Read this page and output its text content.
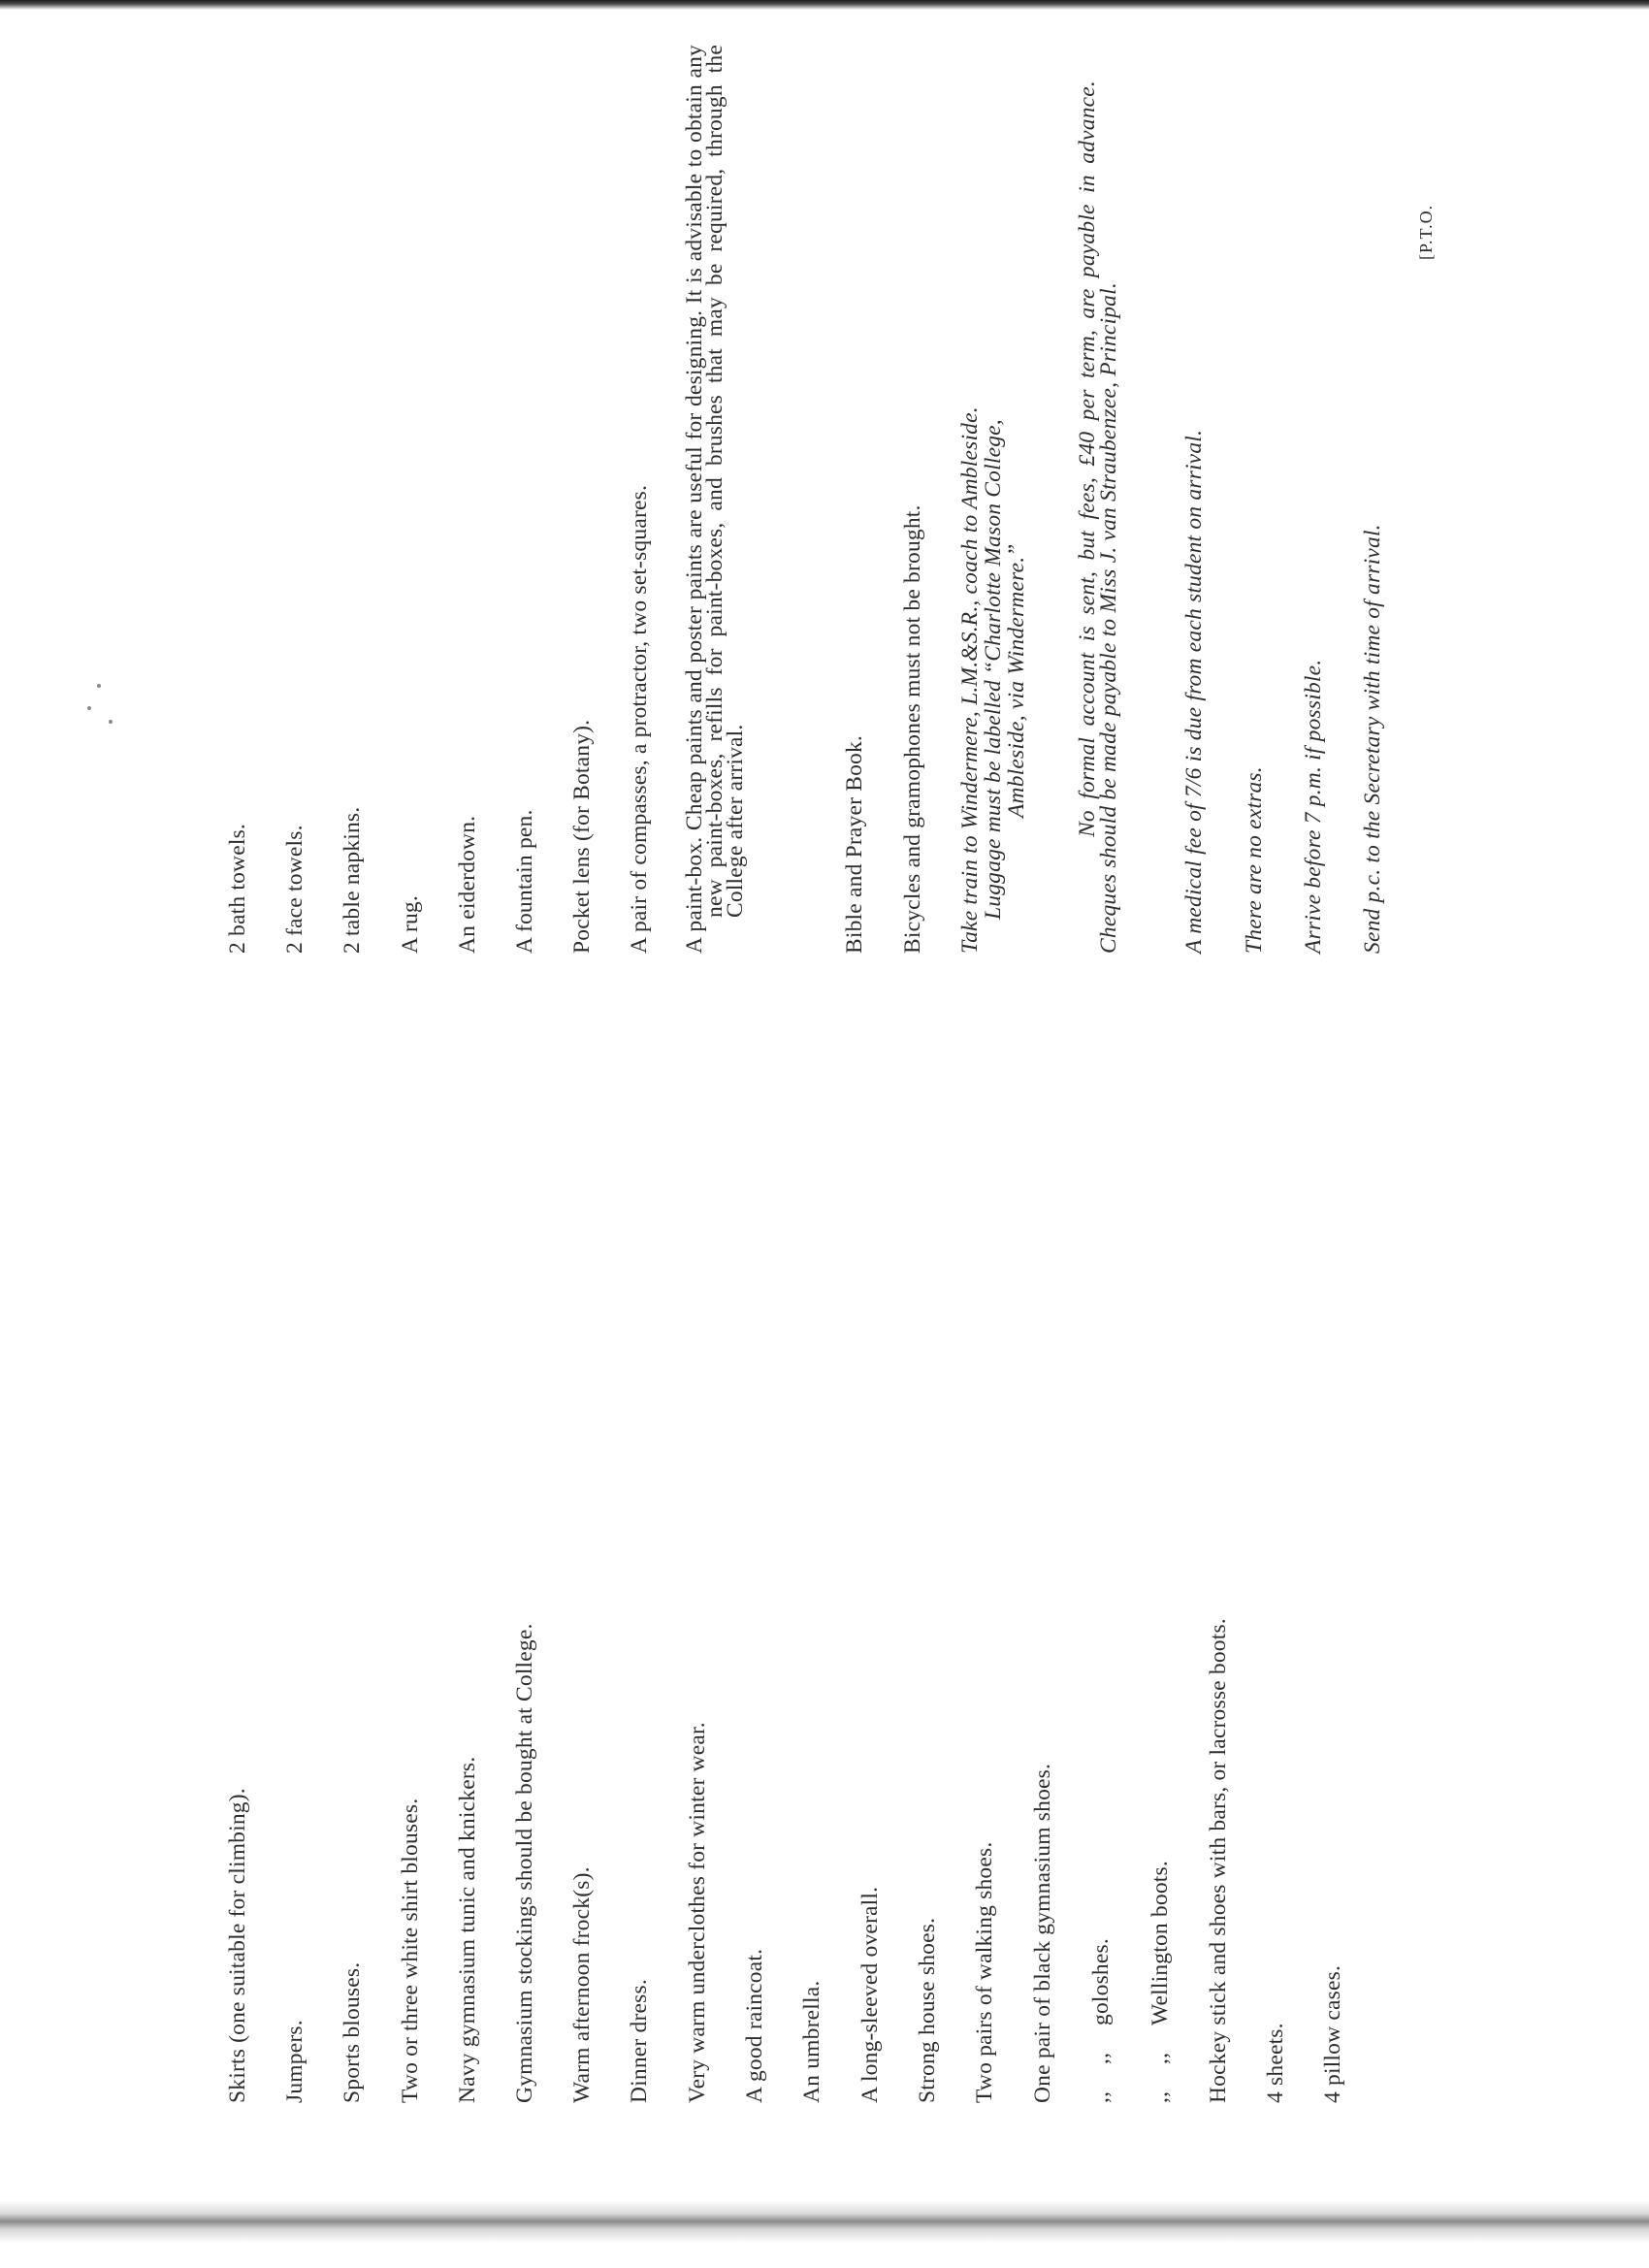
Skirts (one suitable for climbing). Jumpers. Sports blouses. Two or three white shirt blouses. Navy gymnasium tunic and knickers. Gymnasium stockings should be bought at College. Warm afternoon frock(s). Dinner dress. Very warm underclothes for winter wear. A good raincoat. An umbrella. A long-sleeved overall. Strong house shoes. Two pairs of walking shoes. One pair of black gymnasium shoes. ,,,,goloshes.
,,,,Wellington boots. Hockey stick and shoes with bars, or lacrosse boots. 4 sheets. 4 pillow cases.
2 bath towels. 2 face towels. 2 table napkins. A rug. An eiderdown. A fountain pen. Pocket lens (for Botany). A pair of compasses, a protractor, two set-squares. A paint-box. Cheap paints and poster paints are useful for designing. It is advisable to obtain any new paint-boxes, refills for paint-boxes, and brushes that may be required, through the College after arrival.	Bible and Prayer Book. Bicycles and gramophones must not be brought. Take train to Windermere, L.M.&S.R., coach to Ambleside.
Luggage must be labelled “Charlotte Mason College,
Ambleside, via Windermere.” No formal account is sent, but fees, £40 per term, are payable in advance. Cheques should be made payable to Miss J. van Straubenzee, Principal.	A medical fee of 7/6 is due from each student on arrival. There are no extras. Arrive before 7 p.m. if possible. Send p.c. to the Secretary with time of arrival.
[P.T.O.
